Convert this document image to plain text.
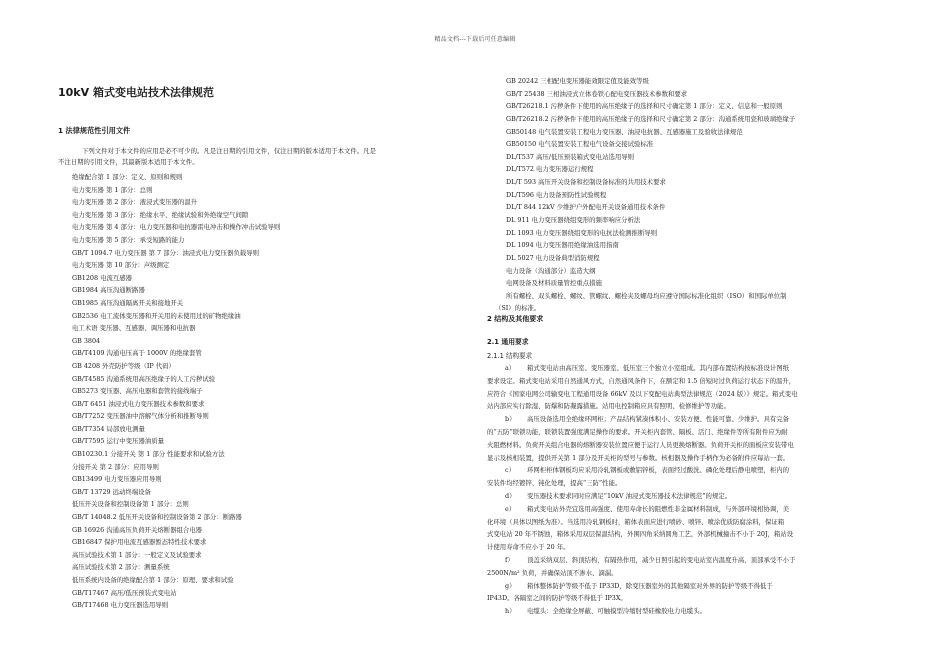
精品文档---下载后可任意编辑
10kV 箱式变电站技术法律规范
1 法律规范性引用文件
下列文件对于本文件的应用是必不可少的。凡是注日期的引用文件，仅注日期的版本适用于本文件。凡是
不注日期的引用文件，其最新版本适用于本文件。
绝缘配合第 1 部分：定义、原则和规则
电力变压器 第 1 部分：总则
电力变压器 第 2 部分：液浸式变压器的温升
电力变压器 第 3 部分：绝缘水平、绝缘试验和外绝缘空气间隙
电力变压器 第 4 部分：电力变压器和电抗器雷电冲击和操作冲击试验导则
电力变压器 第 5 部分：承受短路的能力
GB/T 1094.7 电力变压器 第 7 部分：油浸式电力变压器负载导则
电力变压器 第 10 部分：声级测定
GB1208 电流互感器
GB1984 高压沟通断路器
GB1985 高压沟通隔离开关和接地开关
GB2536 电工流体变压器和开关用的未使用过的矿物绝缘油
电工术语 变压器、互感器、调压器和电抗器
GB 3804
GB/T4109 沟通电压高于 1000V 的绝缘套管
GB 4208 外壳防护等级（IP 代码）
GB/T4585 沟通系统用高压绝缘子的人工污秽试验
GB5273 变压器、高压电器和套管的接线端子
GB/T 6451 油浸式电力变压器技术参数和要求
GB/T7252 变压器油中溶解气体分析和推断导则
GB/T7354 局部放电测量
GB/T7595 运行中变压器油质量
GB10230.1 分接开关 第 1 部分 性能要求和试验方法
分接开关 第 2 部分：应用导则
GB13499 电力变压器应用导则
GB/T 13729 远动终端设备
低压开关设备和控制设备第 1 部分：总则
GB/T 14048.2 低压开关设备和控制设备第 2 部分：断路器
GB 16926 沟通高压负荷开关熔断器组合电器
GB16847 保护用电流互感器暂态特性技术要求
高压试验技术第 1 部分：一般定义及试验要求
高压试验技术第 2 部分：测量系统
低压系统内设备的绝缘配合第 1 部分：原理、要求和试验
GB/T17467 高压/低压预装式变电站
GB/T17468 电力变压器选用导则
GB 20242 三相配电变压器能效限定值及能效等级
GB/T 25438 三相油浸式立体卷铁心配电变压器技术参数和要求
GB/T26218.1 污秽条件下使用的高压绝缘子的选择和尺寸确定第 1 部分：定义、信息和一般原则
GB/T26218.2 污秽条件下使用的高压绝缘子的选择和尺寸确定第 2 部分：沟通系统用瓷和玻璃绝缘子
GB50148 电气装置安装工程电力变压器、油浸电抗器、互感器施工及验收法律规范
GB50150 电气装置安装工程电气设备交接试验标准
DL/T537 高压/低压预装箱式变电站选用导则
DL/T572 电力变压器运行规程
DL/T 593 高压开关设备和控制设备标准的共用技术要求
DL/T596 电力设备预防性试验规程
DL/T 844 12kV 少维护户外配电开关设备通用技术条件
DL 911 电力变压器绕组变形的频率响应分析法
DL 1093 电力变压器绕组变形的电抗法检测推断导则
DL 1094 电力变压器用绝缘油选用指南
DL 5027 电力设备典型消防规程
电力设备（沟通部分）监造大纲
电网设备及材料质量管控重点措施
所有螺栓、双头螺栓、螺纹、管螺纹、螺栓夹及螺母均应遵守国际标准化组织（ISO）和国际单位制
（SI）的标准。
2 结构及其他要求
2.1 通用要求
2.1.1 结构要求

a） 箱式变电站由高压室、变压器室、低压室三个独立小室组成。其内部布置结构按标准设计图纸

要求设定。箱式变电站采用自然通风方式，自然通风条件下，在额定和 1.5 倍短时过负荷运行状态下的温升，

应符合《国家电网公司输变电工程通用设备 66kV 及以下变配电站典型法律规范（2024 版）》规定。箱式变电

站内部应实行除湿、防爆和防凝露措施。站用电控制箱应具有照明、检修维护等功能。

b） 高压设备选用全绝缘环网柜；产品结构紧凑体积小、安装方便、性能可靠、少维护。具有完备

的“五防”联锁功能，联锁装置强度满足操作的要求。开关柜内套管、隔板、活门、绝缘件等所有附件应为耐

火阻燃材料。负荷开关组合电器的熔断器安装位置应便于运行人员更换熔断器。负荷开关柜的面板应安装带电

显示及核相装置，提供开关第 1 部分及开关柜的型号与参数。核相器及操作手柄作为必备附件应每站一套。

c） 环网柜柜体钢板均应采用冷轧钢板或敷铝锌板，表面经过酸洗、磷化处理后静电喷塑，柜内的

安装件均经镀锌、钝化处理，提高“三防”性能。

d） 变压器技术要求同时应满足“10kV 油浸式变压器技术法律规范”的规定。

e） 箱式变电站外壳宜选用高强度、使用寿命长的阻燃性非金属材料制成，与外部环境相协调，美

化环境（具体以图纸为准）。当选用冷轧钢板时，箱体表面应进行喷砂、喷锌、喷涂优质防腐涂料，保证箱

式变电站 20 年不锈蚀，箱体采用双层保温结构，外围四角采纳圆角工艺，外部机械撞击不小于 20J，箱站设

计使用寿命不应小于 20 年。

f） 顶盖采纳双层、斜顶结构，有隔热作用，减少日照引起的变电站室内温度升高，顶部承受不小于

2500N/m² 负荷，并确保站顶不渗水、滴漏。

g） 箱体整体防护等级不低于 IP33D，除变压器室外的其他隔室对外界的防护等级不得低于

IP43D。各隔室之间的防护等级不得低于 IP3X。

h） 电缆头：全绝缘全屏蔽、可触摸型冷缩肘型硅橡胶电力电缆头。
